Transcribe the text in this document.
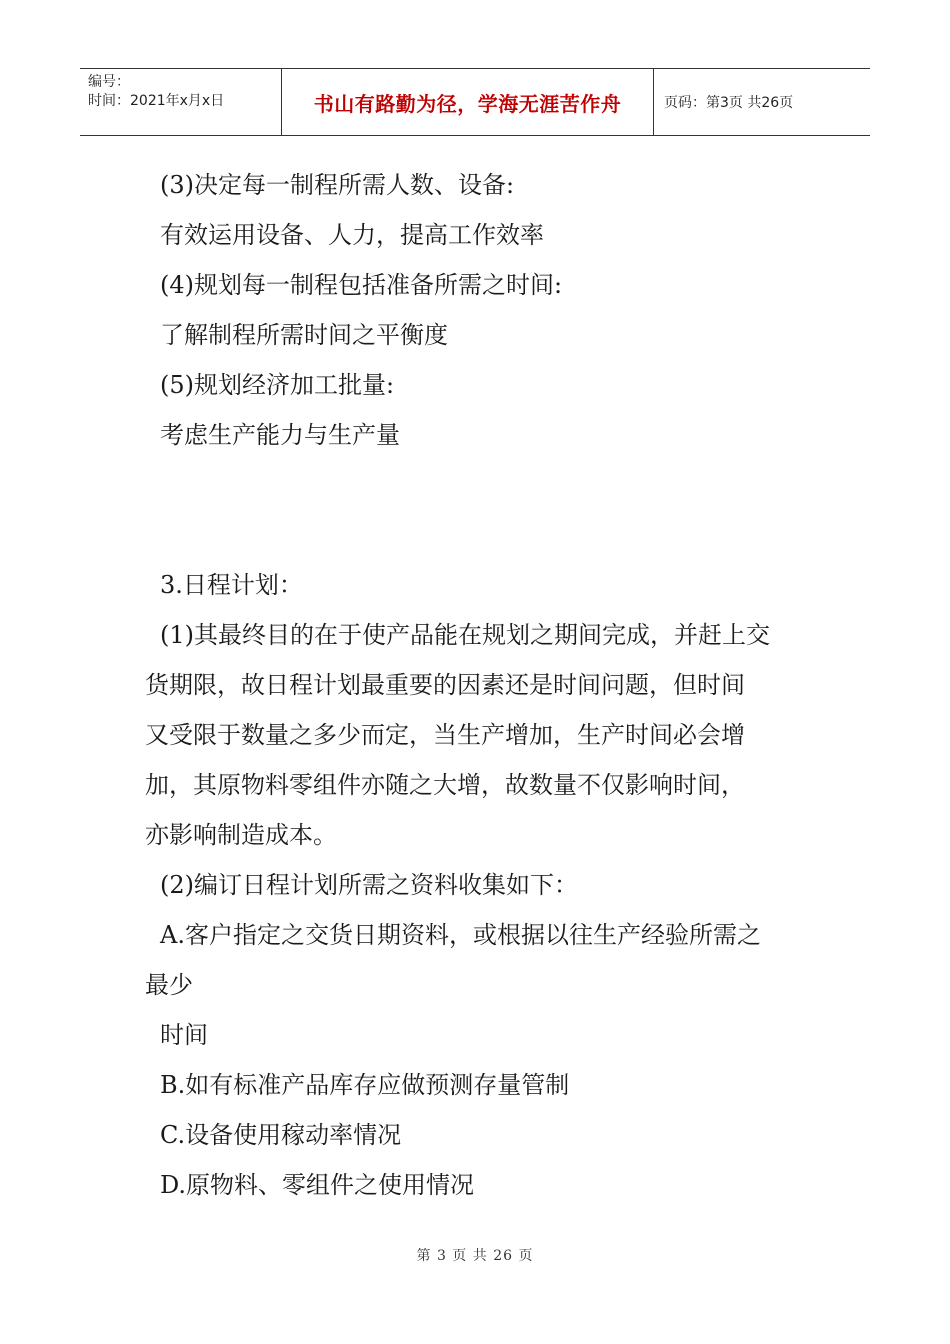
编号：
时间：2021年x月x日	书山有路勤为径，学海无涯苦作舟	页码：第3页 共26页

(3)决定每一制程所需人数、设备:

有效运用设备、人力，提高工作效率

(4)规划每一制程包括准备所需之时间:

了解制程所需时间之平衡度

(5)规划经济加工批量:

考虑生产能力与生产量

3.日程计划：

(1)其最终目的在于使产品能在规划之期间完成，并赶上交

货期限，故日程计划最重要的因素还是时间问题，但时间

又受限于数量之多少而定，当生产增加，生产时间必会增

加，其原物料零组件亦随之大增，故数量不仅影响时间，

亦影响制造成本。

(2)编订日程计划所需之资料收集如下：

A.客户指定之交货日期资料，或根据以往生产经验所需之

最少

时间

B.如有标准产品库存应做预测存量管制

C.设备使用稼动率情况

D.原物料、零组件之使用情况

第 3 页 共 26 页
